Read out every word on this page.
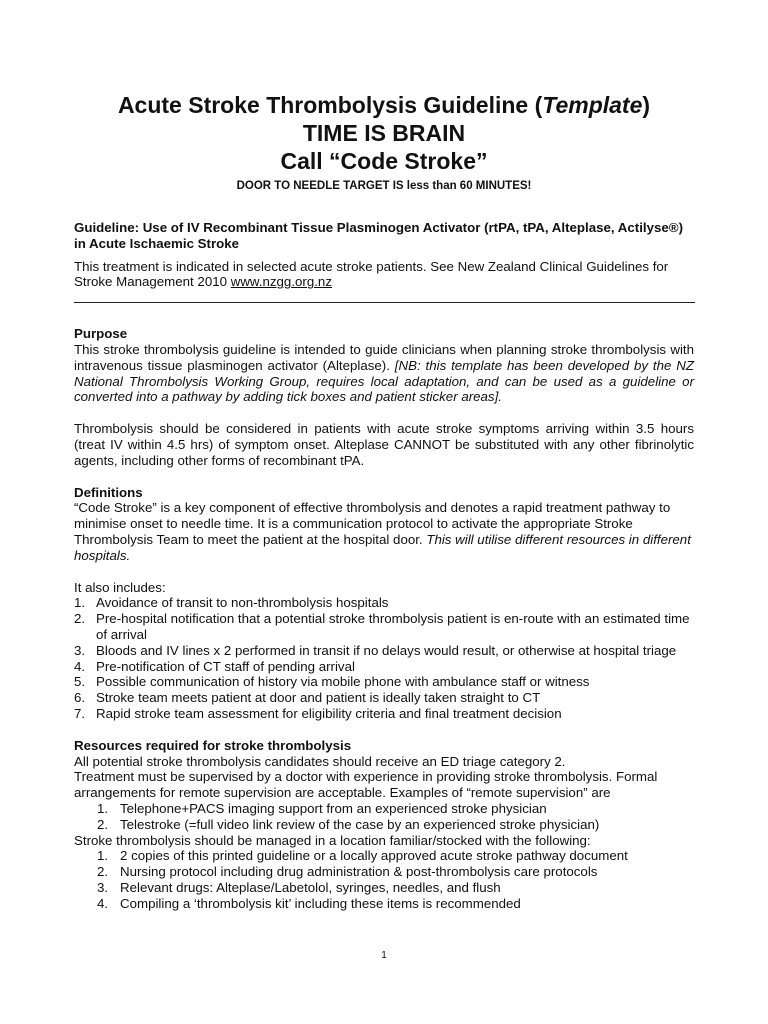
Acute Stroke Thrombolysis Guideline (Template)
TIME IS BRAIN
Call “Code Stroke”
DOOR TO NEEDLE TARGET IS less than 60 MINUTES!

Guideline: Use of IV Recombinant Tissue Plasminogen Activator (rtPA, tPA, Alteplase, Actilyse®) in Acute Ischaemic Stroke

This treatment is indicated in selected acute stroke patients. See New Zealand Clinical Guidelines for Stroke Management 2010 www.nzgg.org.nz

Purpose

This stroke thrombolysis guideline is intended to guide clinicians when planning stroke thrombolysis with intravenous tissue plasminogen activator (Alteplase). [NB: this template has been developed by the NZ National Thrombolysis Working Group, requires local adaptation, and can be used as a guideline or converted into a pathway by adding tick boxes and patient sticker areas].

Thrombolysis should be considered in patients with acute stroke symptoms arriving within 3.5 hours (treat IV within 4.5 hrs) of symptom onset. Alteplase CANNOT be substituted with any other fibrinolytic agents, including other forms of recombinant tPA.

Definitions

“Code Stroke” is a key component of effective thrombolysis and denotes a rapid treatment pathway to minimise onset to needle time. It is a communication protocol to activate the appropriate Stroke Thrombolysis Team to meet the patient at the hospital door. This will utilise different resources in different hospitals.

It also includes:

1. Avoidance of transit to non-thrombolysis hospitals
2. Pre-hospital notification that a potential stroke thrombolysis patient is en-route with an estimated time of arrival
3. Bloods and IV lines x 2 performed in transit if no delays would result, or otherwise at hospital triage
4. Pre-notification of CT staff of pending arrival
5. Possible communication of history via mobile phone with ambulance staff or witness
6. Stroke team meets patient at door and patient is ideally taken straight to CT
7. Rapid stroke team assessment for eligibility criteria and final treatment decision

Resources required for stroke thrombolysis

All potential stroke thrombolysis candidates should receive an ED triage category 2.

Treatment must be supervised by a doctor with experience in providing stroke thrombolysis. Formal arrangements for remote supervision are acceptable. Examples of “remote supervision” are

1. Telephone+PACS imaging support from an experienced stroke physician
2. Telestroke (=full video link review of the case by an experienced stroke physician)

Stroke thrombolysis should be managed in a location familiar/stocked with the following:

1. 2 copies of this printed guideline or a locally approved acute stroke pathway document
2. Nursing protocol including drug administration & post-thrombolysis care protocols
3. Relevant drugs: Alteplase/Labetolol, syringes, needles, and flush
4. Compiling a ‘thrombolysis kit’ including these items is recommended
1
